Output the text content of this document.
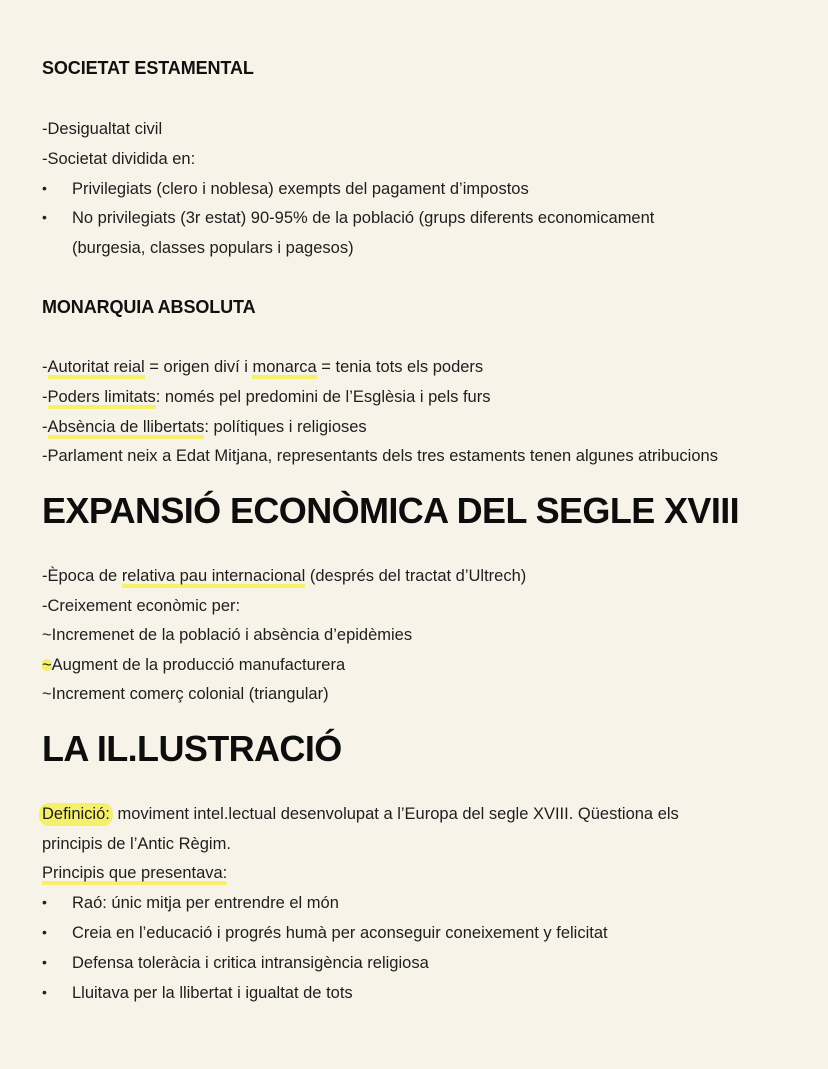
SOCIETAT ESTAMENTAL
-Desigualtat civil
-Societat dividida en:
• Privilegiats (clero i noblesa) exempts del pagament d’impostos
• No privilegiats (3r estat) 90-95% de la població (grups diferents economicament
(burgesia, classes populars i pagesos)
MONARQUIA ABSOLUTA
-Autoritat reial = origen diví i monarca = tenia tots els poders
-Poders limitats: només pel predomini de l’Esglèsia i pels furs
-Absència de llibertats: polítiques i religioses
-Parlament neix a Edat Mitjana, representants dels tres estaments tenen algunes atribucions
EXPANSIÓ ECONÒMICA DEL SEGLE XVIII
-Època de relativa pau internacional (després del tractat d’Ultrech)
-Creixement econòmic per:
~Incremenet de la població i absència d’epidèmies
~Augment de la producció manufacturera
~Increment comerç colonial (triangular)
LA IL.LUSTRACIÓ
Definició: moviment intel.lectual desenvolupat a l’Europa del segle XVIII. Qüestiona els
principis de l’Antic Règim.
Principis que presentava:
• Raó: únic mitja per entrendre el món
• Creia en l’educació i progrés humà per aconseguir coneixement y felicitat
• Defensa toleràcia i critica intransigència religiosa
• Lluitava per la llibertat i igualtat de tots
